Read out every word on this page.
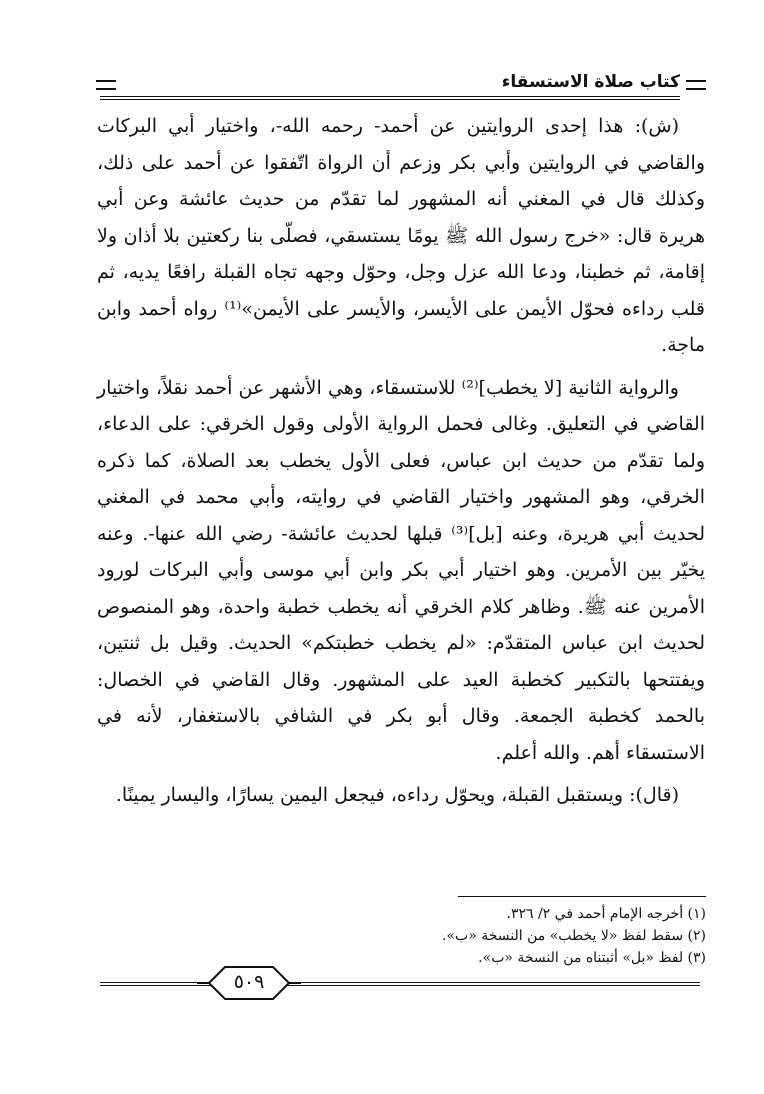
كتاب صلاة الاستسقاء

(ش): هذا إحدى الروايتين عن أحمد- رحمه الله-، واختيار أبي البركات والقاضي في الروايتين وأبي بكر وزعم أن الرواة اتّفقوا عن أحمد على ذلك، وكذلك قال في المغني أنه المشهور لما تقدّم من حديث عائشة وعن أبي هريرة قال: «خرج رسول الله ﷺ يومًا يستسقي، فصلّى بنا ركعتين بلا أذان ولا إقامة، ثم خطبنا، ودعا الله عزل وجل، وحوّل وجهه تجاه القبلة رافعًا يديه، ثم قلب رداءه فحوّل الأيمن على الأيسر، والأيسر على الأيمن»⁽¹⁾ رواه أحمد وابن ماجة.

والرواية الثانية [لا يخطب]⁽²⁾ للاستسقاء، وهي الأشهر عن أحمد نقلاً، واختيار القاضي في التعليق. وغالى فحمل الرواية الأولى وقول الخرقي: على الدعاء، ولما تقدّم من حديث ابن عباس، فعلى الأول يخطب بعد الصلاة، كما ذكره الخرقي، وهو المشهور واختيار القاضي في روايته، وأبي محمد في المغني لحديث أبي هريرة، وعنه [بل]⁽³⁾ قبلها لحديث عائشة- رضي الله عنها-. وعنه يخيّر بين الأمرين. وهو اختيار أبي بكر وابن أبي موسى وأبي البركات لورود الأمرين عنه ﷺ. وظاهر كلام الخرقي أنه يخطب خطبة واحدة، وهو المنصوص لحديث ابن عباس المتقدّم: «لم يخطب خطبتكم» الحديث. وقيل بل ثنتين، ويفتتحها بالتكبير كخطبة العيد على المشهور. وقال القاضي في الخصال: بالحمد كخطبة الجمعة. وقال أبو بكر في الشافي بالاستغفار، لأنه في الاستسقاء أهم. والله أعلم.

(قال): ويستقبل القبلة، ويحوّل رداءه، فيجعل اليمين يسارًا، واليسار يمينًا.

(١) أخرجه الإمام أحمد في ٢/ ٣٢٦.
(٢) سقط لفظ «لا يخطب» من النسخة «ب».
(٣) لفظ «بل» أثبتناه من النسخة «ب».
٥٠٩
